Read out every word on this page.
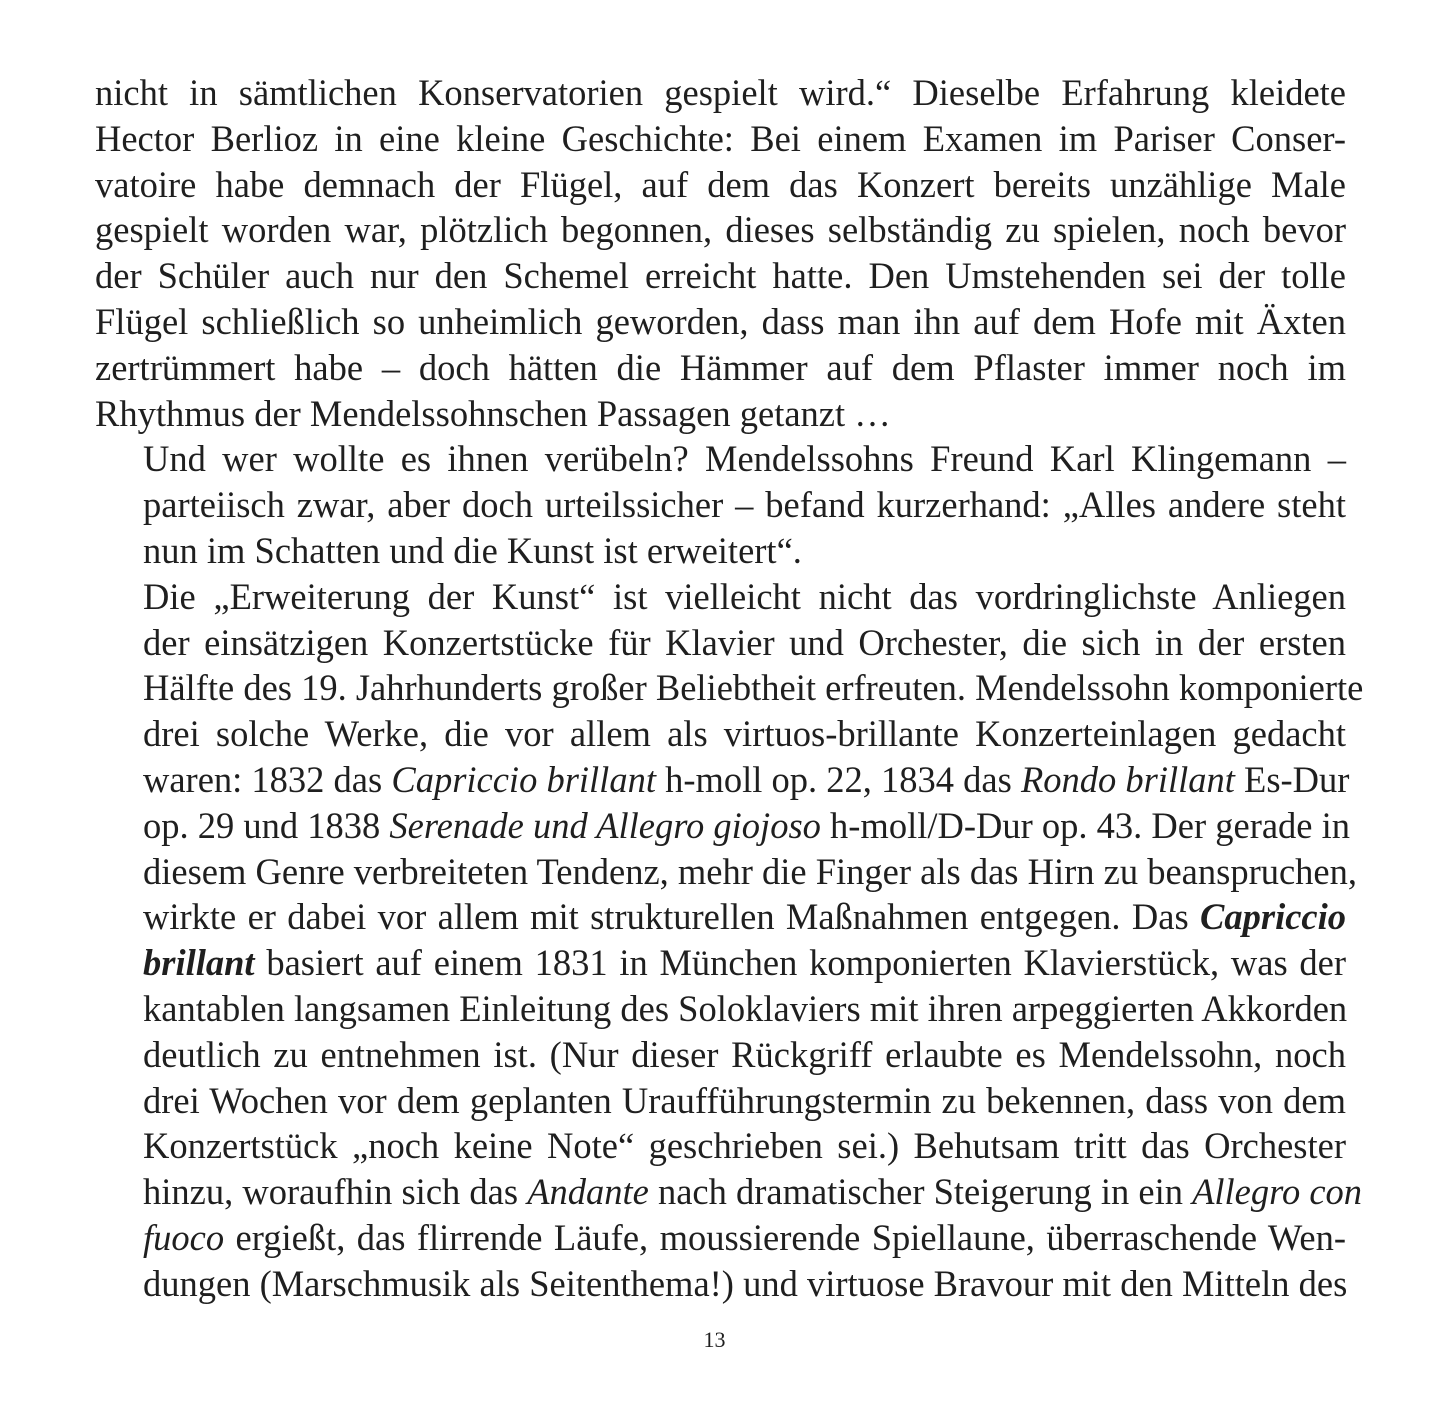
nicht in sämtlichen Konservatorien gespielt wird.“ Dieselbe Erfahrung kleidete
Hector Berlioz in eine kleine Geschichte: Bei einem Examen im Pariser Conser-
vatoire habe demnach der Flügel, auf dem das Konzert bereits unzählige Male
gespielt worden war, plötzlich begonnen, dieses selbständig zu spielen, noch bevor
der Schüler auch nur den Schemel erreicht hatte. Den Umstehenden sei der tolle
Flügel schließlich so unheimlich geworden, dass man ihn auf dem Hofe mit Äxten
zertrümmert habe – doch hätten die Hämmer auf dem Pflaster immer noch im
Rhythmus der Mendelssohnschen Passagen getanzt …

Und wer wollte es ihnen verübeln? Mendelssohns Freund Karl Klingemann –
parteiisch zwar, aber doch urteilssicher – befand kurzerhand: „Alles andere steht
nun im Schatten und die Kunst ist erweitert“.

Die „Erweiterung der Kunst“ ist vielleicht nicht das vordringlichste Anliegen
der einsätzigen Konzertstücke für Klavier und Orchester, die sich in der ersten
Hälfte des 19. Jahrhunderts großer Beliebtheit erfreuten. Mendelssohn komponierte
drei solche Werke, die vor allem als virtuos-brillante Konzerteinlagen gedacht
waren: 1832 das Capriccio brillant h-moll op. 22, 1834 das Rondo brillant Es-Dur
op. 29 und 1838 Serenade und Allegro giojoso h-moll/D-Dur op. 43. Der gerade in
diesem Genre verbreiteten Tendenz, mehr die Finger als das Hirn zu beanspruchen,
wirkte er dabei vor allem mit strukturellen Maßnahmen entgegen. Das Capriccio
brillant basiert auf einem 1831 in München komponierten Klavierstück, was der
kantablen langsamen Einleitung des Soloklaviers mit ihren arpeggierten Akkorden
deutlich zu entnehmen ist. (Nur dieser Rückgriff erlaubte es Mendelssohn, noch
drei Wochen vor dem geplanten Uraufführungstermin zu bekennen, dass von dem
Konzertstück „noch keine Note“ geschrieben sei.) Behutsam tritt das Orchester
hinzu, woraufhin sich das Andante nach dramatischer Steigerung in ein Allegro con
fuoco ergießt, das flirrende Läufe, moussierende Spiellaune, überraschende Wen-
dungen (Marschmusik als Seitenthema!) und virtuose Bravour mit den Mitteln des

13
